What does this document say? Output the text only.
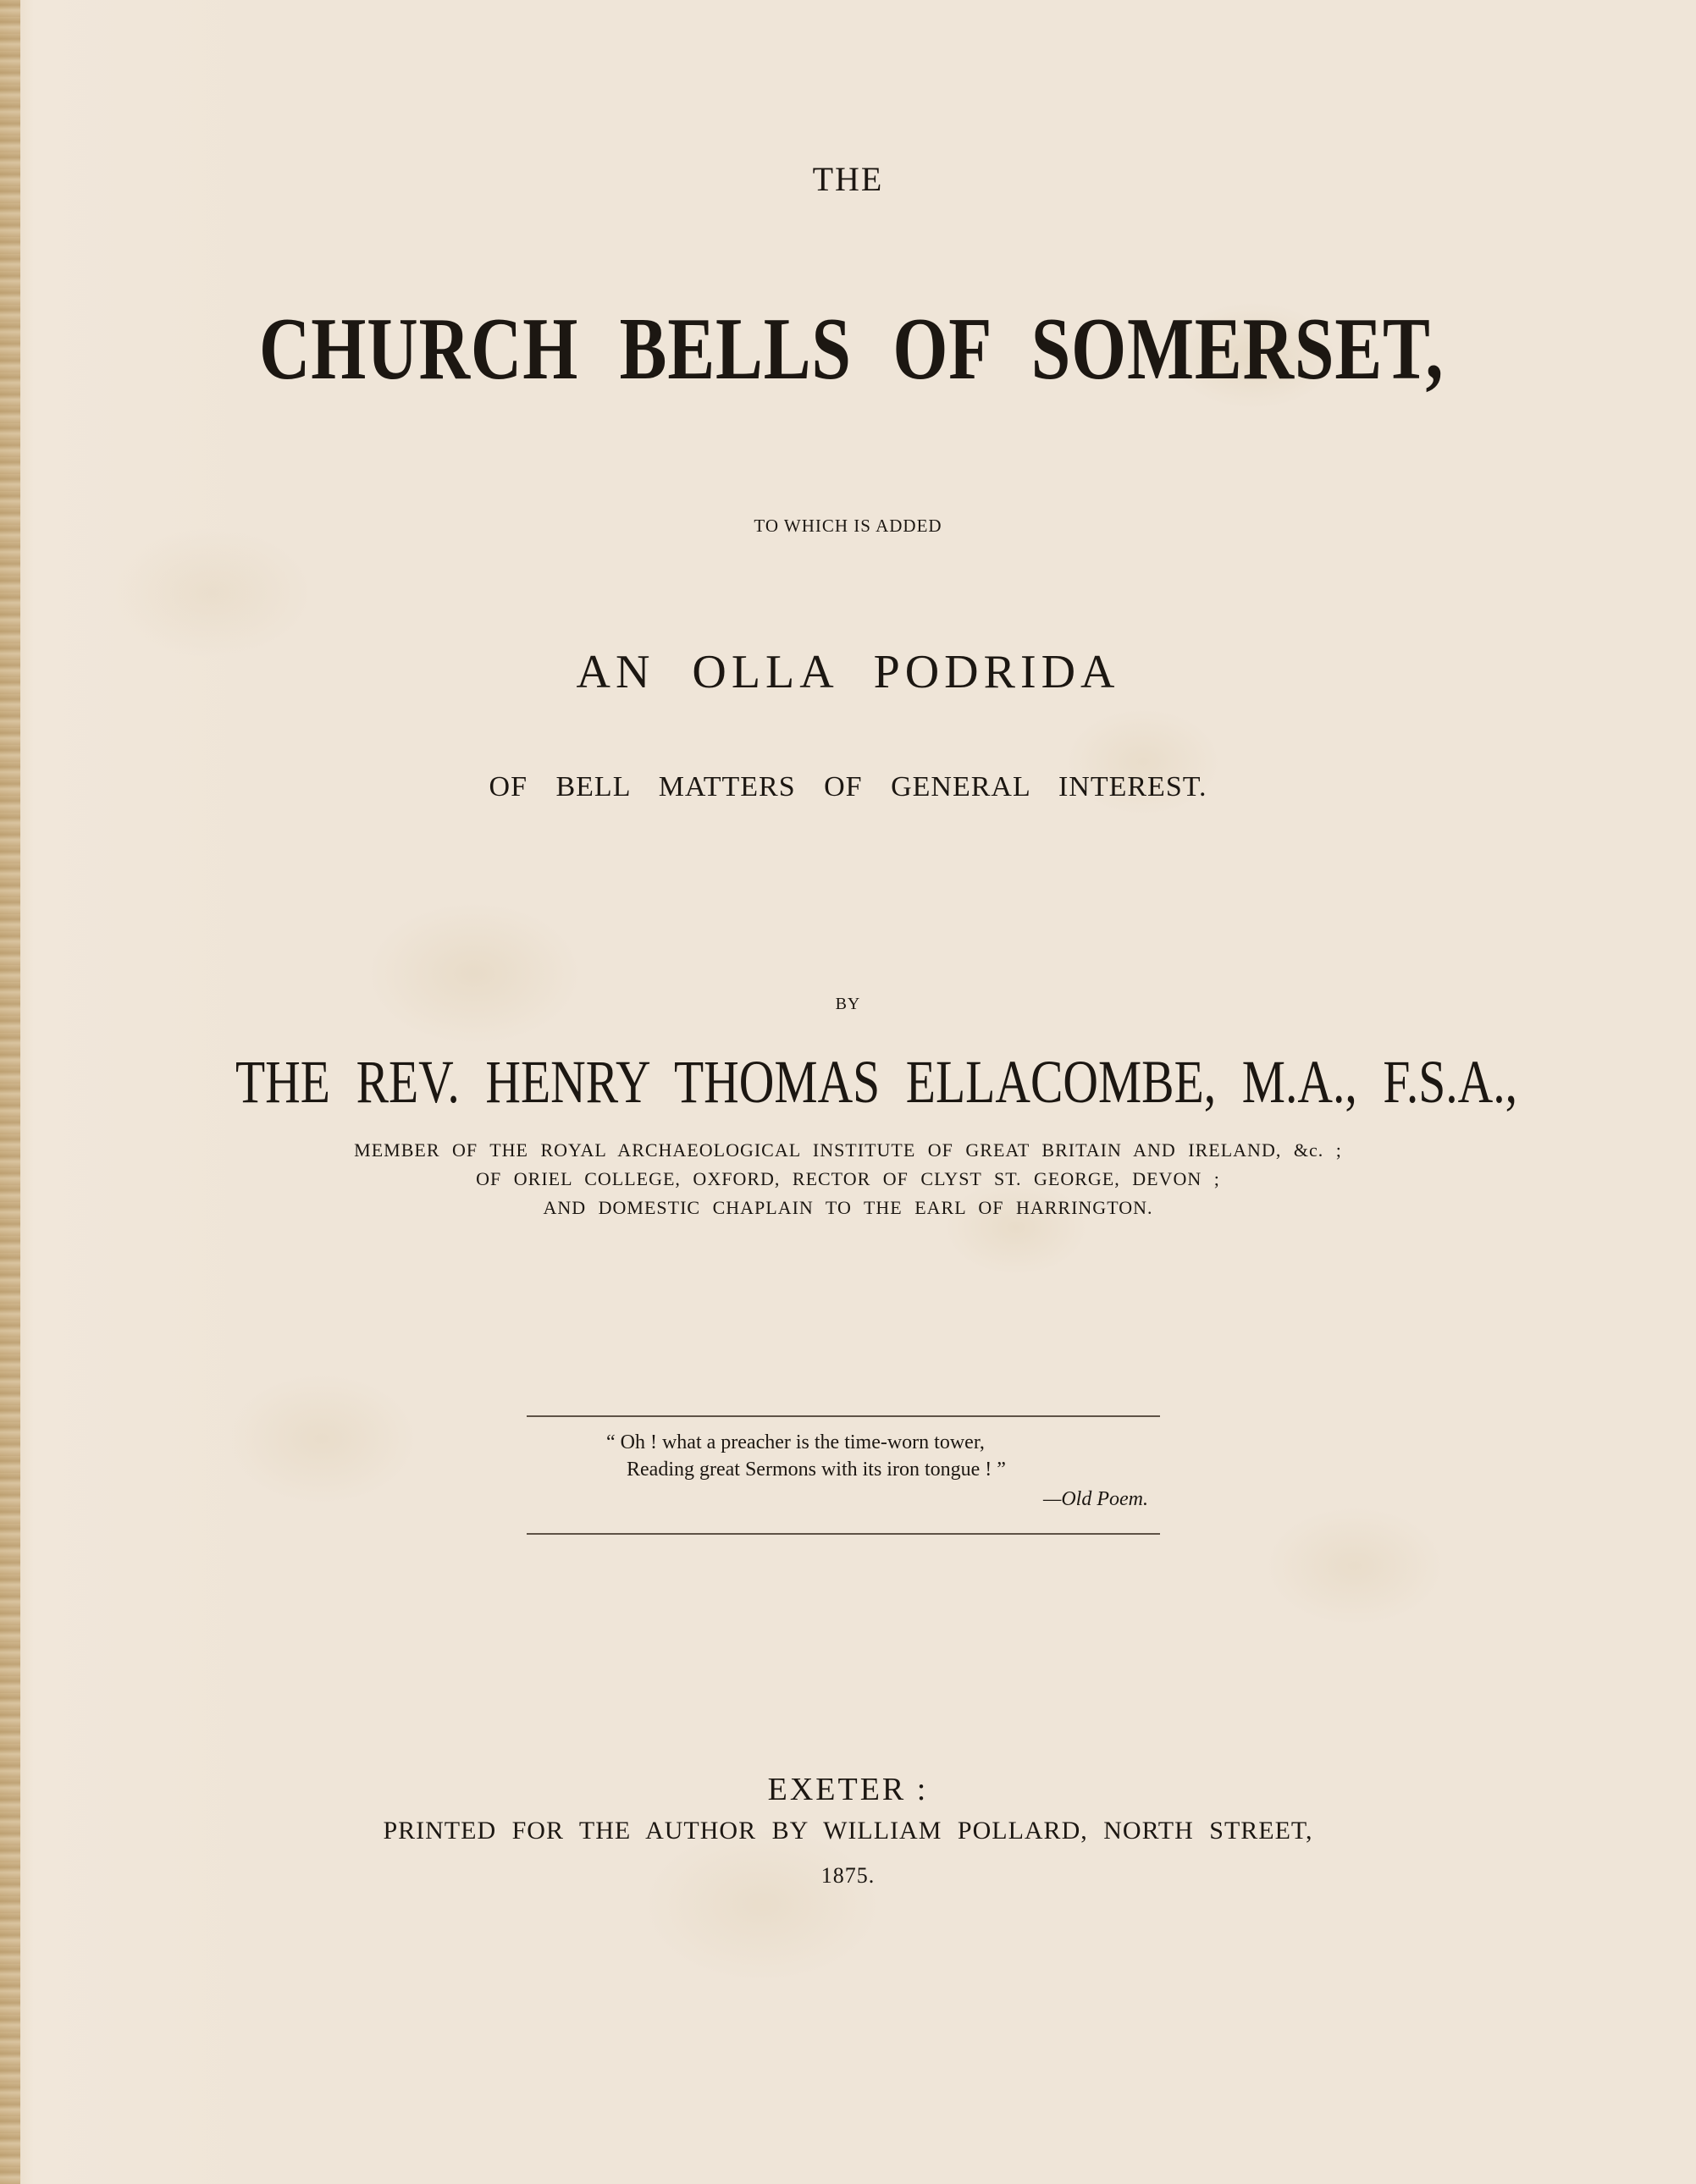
THE
CHURCH BELLS OF SOMERSET,
TO WHICH IS ADDED
AN OLLA PODRIDA
OF BELL MATTERS OF GENERAL INTEREST.
BY
THE REV. HENRY THOMAS ELLACOMBE, M.A., F.S.A.,
MEMBER OF THE ROYAL ARCHAEOLOGICAL INSTITUTE OF GREAT BRITAIN AND IRELAND, &c. ;
OF ORIEL COLLEGE, OXFORD, RECTOR OF CLYST ST. GEORGE, DEVON ;
AND DOMESTIC CHAPLAIN TO THE EARL OF HARRINGTON.
“ Oh ! what a preacher is the time-worn tower,
Reading great Sermons with its iron tongue ! ”
—Old Poem.
EXETER :
PRINTED FOR THE AUTHOR BY WILLIAM POLLARD, NORTH STREET,
1875.
